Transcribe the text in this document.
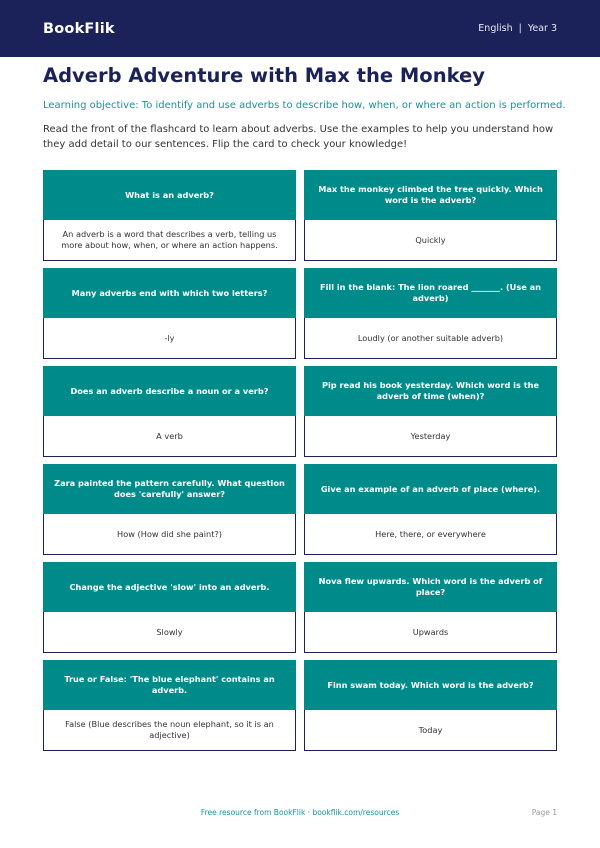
BookFlik	English | Year 3
Adverb Adventure with Max the Monkey

Learning objective: To identify and use adverbs to describe how, when, or where an action is performed.

Read the front of the flashcard to learn about adverbs. Use the examples to help you understand how they add detail to our sentences. Flip the card to check your knowledge!

What is an adverb?
An adverb is a word that describes a verb, telling us more about how, when, or where an action happens.
Max the monkey climbed the tree quickly. Which word is the adverb?
Quickly
Many adverbs end with which two letters?
-ly
Fill in the blank: The lion roared _______. (Use an adverb)
Loudly (or another suitable adverb)
Does an adverb describe a noun or a verb?
A verb
Pip read his book yesterday. Which word is the adverb of time (when)?
Yesterday
Zara painted the pattern carefully. What question does 'carefully' answer?
How (How did she paint?)
Give an example of an adverb of place (where).
Here, there, or everywhere
Change the adjective 'slow' into an adverb.
Slowly
Nova flew upwards. Which word is the adverb of place?
Upwards
True or False: 'The blue elephant' contains an adverb.
False (Blue describes the noun elephant, so it is an adjective)
Finn swam today. Which word is the adverb?
Today
Free resource from BookFlik · bookflik.com/resources	Page 1
